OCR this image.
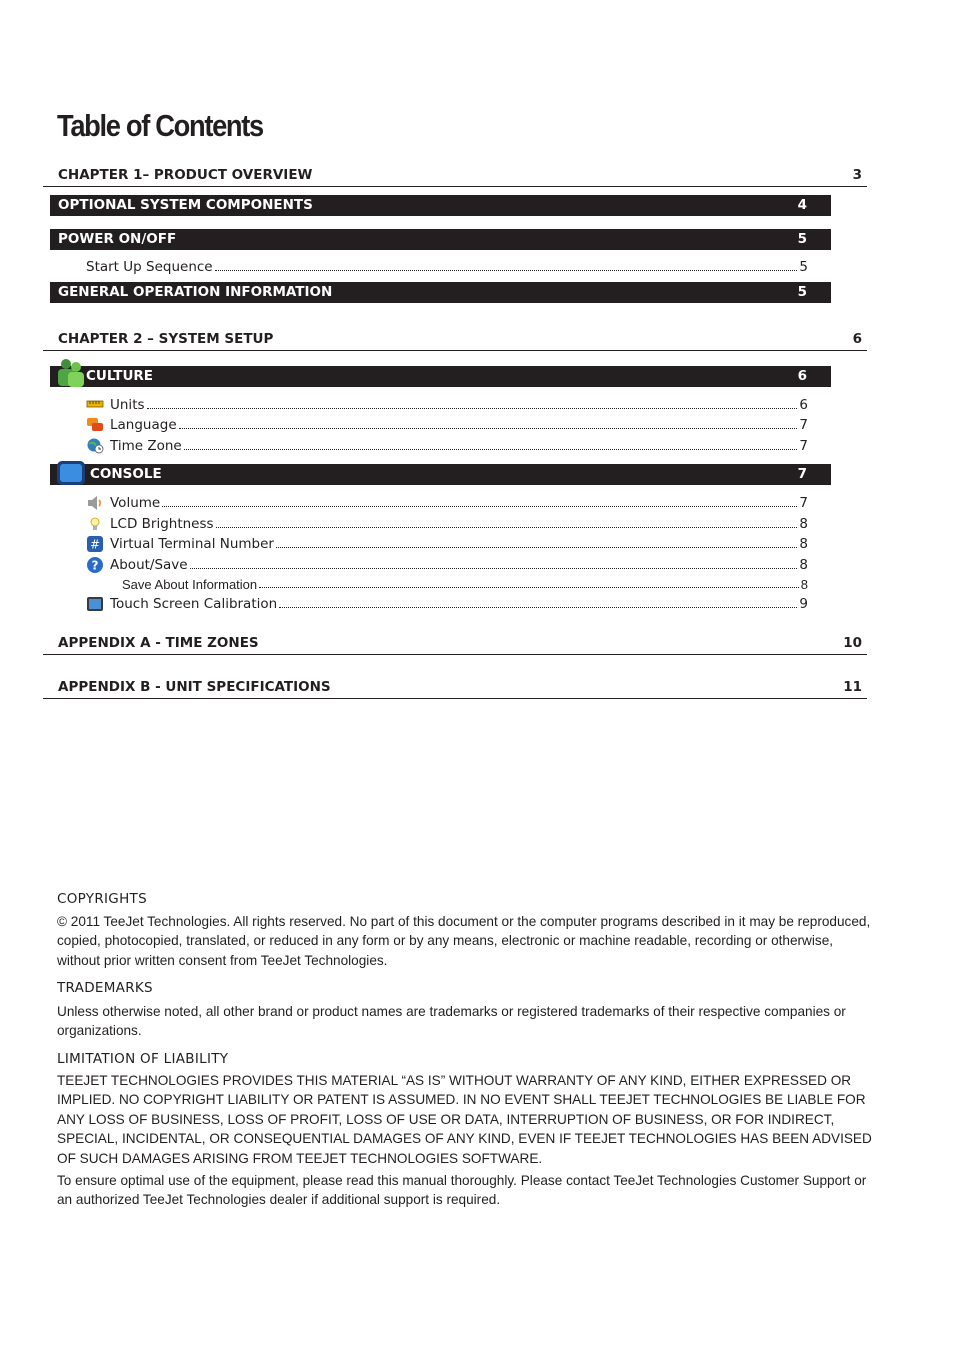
Table of Contents
CHAPTER 1– PRODUCT OVERVIEW	3
OPTIONAL SYSTEM COMPONENTS	4
POWER ON/OFF	5
Start Up Sequence	5
GENERAL OPERATION INFORMATION	5
CHAPTER 2 – SYSTEM SETUP	6
CULTURE	6
Units	6
Language	7
Time Zone	7
CONSOLE	7
Volume	7
LCD Brightness	8
# Virtual Terminal Number	8
? About/Save	8
Save About Information	8
Touch Screen Calibration	9
APPENDIX A - TIME ZONES	10
APPENDIX B - UNIT SPECIFICATIONS	11
COPYRIGHTS
© 2011 TeeJet Technologies. All rights reserved. No part of this document or the computer programs described in it may be reproduced, copied, photocopied, translated, or reduced in any form or by any means, electronic or machine readable, recording or otherwise, without prior written consent from TeeJet Technologies.
TRADEMARKS
Unless otherwise noted, all other brand or product names are trademarks or registered trademarks of their respective companies or organizations.
LIMITATION OF LIABILITY
TEEJET TECHNOLOGIES PROVIDES THIS MATERIAL “AS IS” WITHOUT WARRANTY OF ANY KIND, EITHER EXPRESSED OR IMPLIED. NO COPYRIGHT LIABILITY OR PATENT IS ASSUMED. IN NO EVENT SHALL TEEJET TECHNOLOGIES BE LIABLE FOR ANY LOSS OF BUSINESS, LOSS OF PROFIT, LOSS OF USE OR DATA, INTERRUPTION OF BUSINESS, OR FOR INDIRECT, SPECIAL, INCIDENTAL, OR CONSEQUENTIAL DAMAGES OF ANY KIND, EVEN IF TEEJET TECHNOLOGIES HAS BEEN ADVISED OF SUCH DAMAGES ARISING FROM TEEJET TECHNOLOGIES SOFTWARE.
To ensure optimal use of the equipment, please read this manual thoroughly. Please contact TeeJet Technologies Customer Support or an authorized TeeJet Technologies dealer if additional support is required.
